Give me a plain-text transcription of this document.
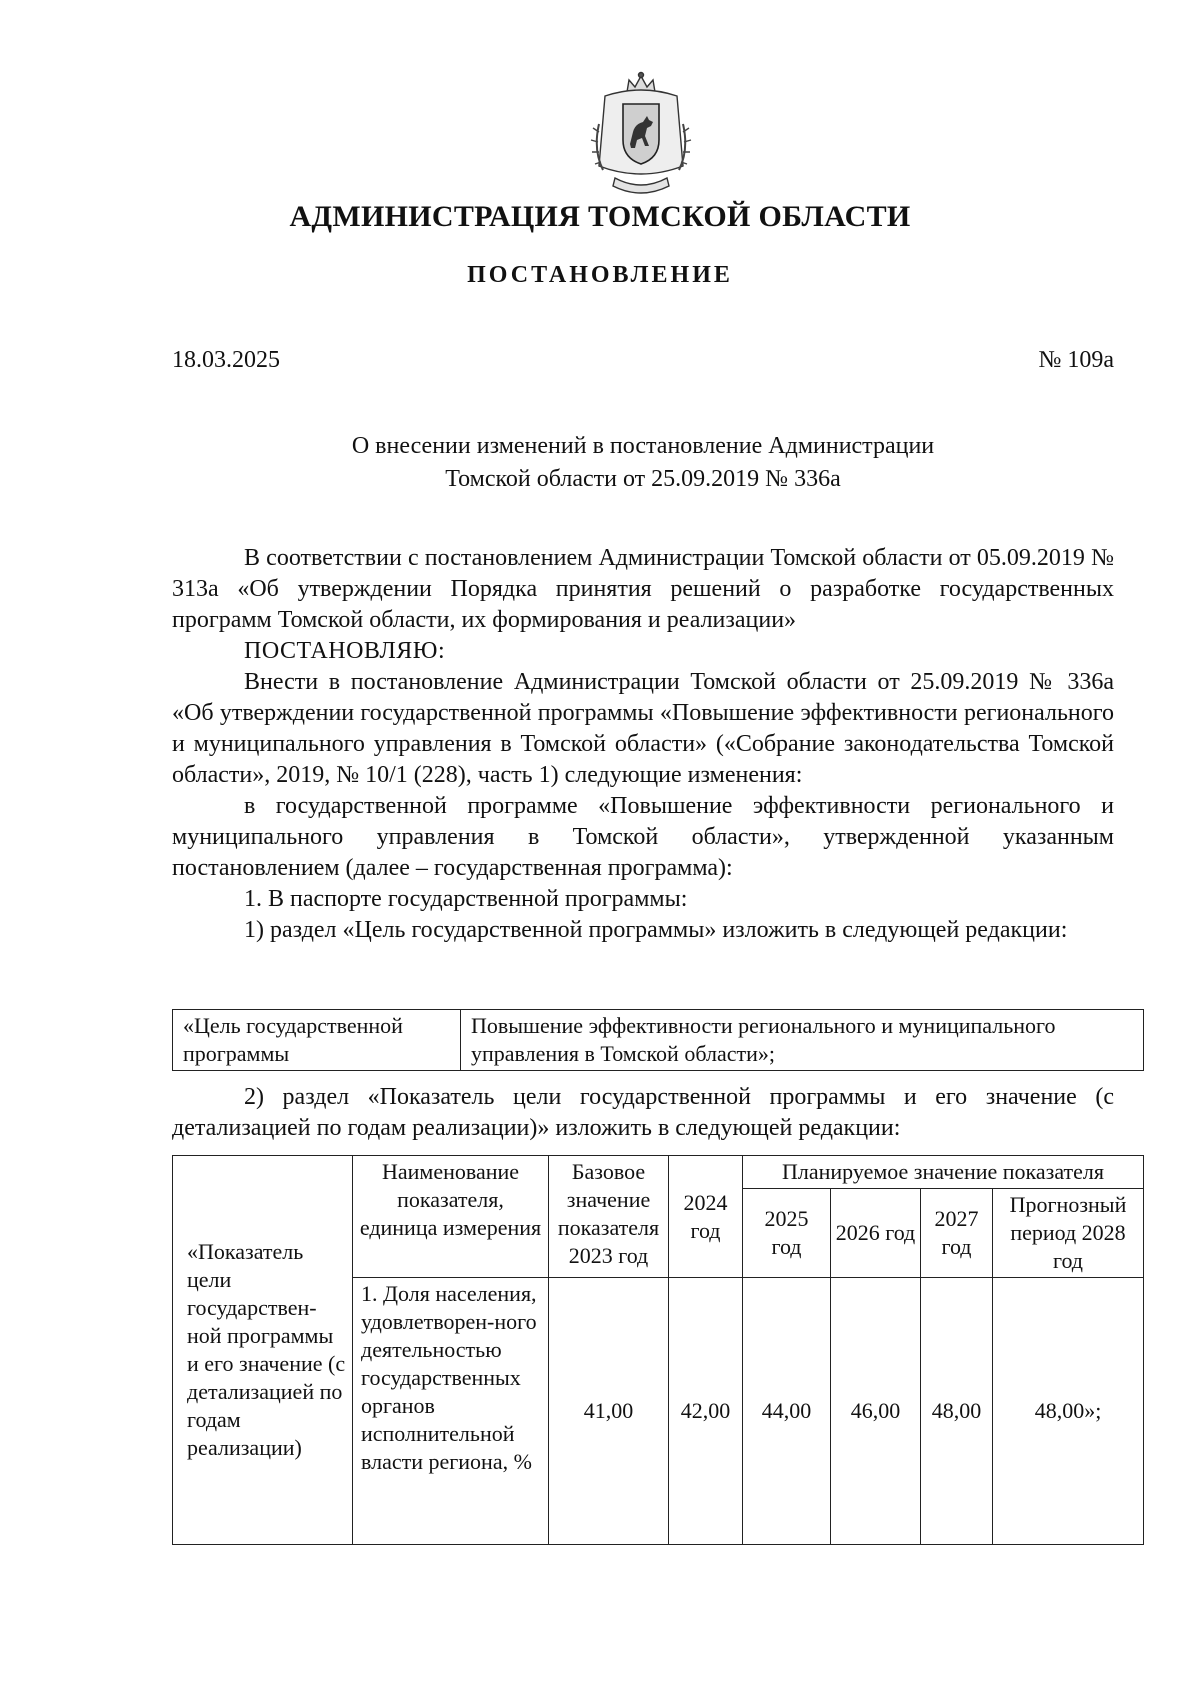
АДМИНИСТРАЦИЯ ТОМСКОЙ ОБЛАСТИ
ПОСТАНОВЛЕНИЕ
18.03.2025	№ 109а
О внесении изменений в постановление Администрации
Томской области от 25.09.2019 № 336а

В соответствии с постановлением Администрации Томской области от 05.09.2019 № 313а «Об утверждении Порядка принятия решений о разработке государственных программ Томской области, их формирования и реализации»

ПОСТАНОВЛЯЮ:

Внести в постановление Администрации Томской области от 25.09.2019 № 336а «Об утверждении государственной программы «Повышение эффективности регионального и муниципального управления в Томской области» («Собрание законодательства Томской области», 2019, № 10/1 (228), часть 1) следующие изменения:

в государственной программе «Повышение эффективности регионального и муниципального управления в Томской области», утвержденной указанным постановлением (далее – государственная программа):

1. В паспорте государственной программы:

1) раздел «Цель государственной программы» изложить в следующей редакции:

«Цель государственной программы	Повышение эффективности регионального и муниципального управления в Томской области»;

2) раздел «Показатель цели государственной программы и его значение (с детализацией по годам реализации)» изложить в следующей редакции:

«Показатель цели государствен-ной программы и его значение (с детализацией по годам реализации)	Наименование показателя, единица измерения	Базовое значение показателя 2023 год	2024 год	Планируемое значение показателя			
				2025 год	2026 год	2027 год	Прогнозный период 2028 год
	1. Доля населения, удовлетворен-ного деятельностью государственных органов исполнительной власти региона, %	41,00	42,00	44,00	46,00	48,00	48,00»;
